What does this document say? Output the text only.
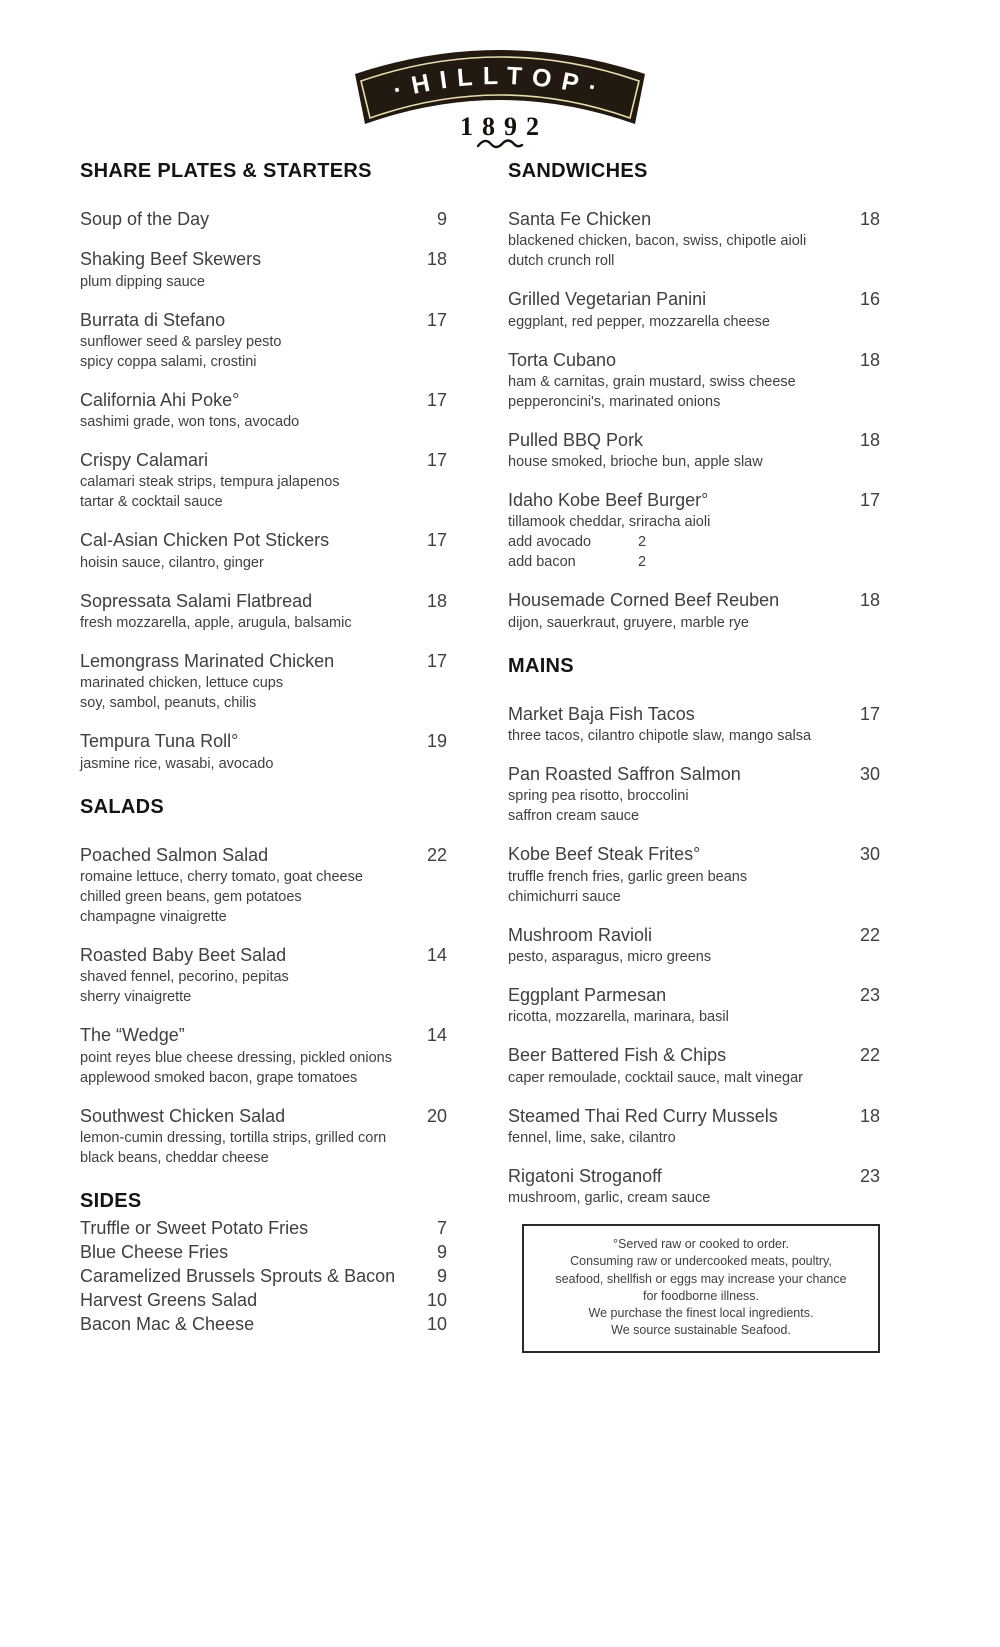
·HILLTOP·
1892
SHARE PLATES & STARTERS
Soup of the Day	9
Shaking Beef Skewers	18
plum dipping sauce
Burrata di Stefano	17
sunflower seed & parsley pesto
spicy coppa salami, crostini
California Ahi Poke°	17
sashimi grade, won tons, avocado
Crispy Calamari	17
calamari steak strips, tempura jalapenos
tartar & cocktail sauce
Cal-Asian Chicken Pot Stickers	17
hoisin sauce, cilantro, ginger
Sopressata Salami Flatbread	18
fresh mozzarella, apple, arugula, balsamic
Lemongrass Marinated Chicken	17
marinated chicken, lettuce cups
soy, sambol, peanuts, chilis
Tempura Tuna Roll°	19
jasmine rice, wasabi, avocado
SALADS
Poached Salmon Salad	22
romaine lettuce, cherry tomato, goat cheese
chilled green beans, gem potatoes
champagne vinaigrette
Roasted Baby Beet Salad	14
shaved fennel, pecorino, pepitas
sherry vinaigrette
The “Wedge”	14
point reyes blue cheese dressing, pickled onions
applewood smoked bacon, grape tomatoes
Southwest Chicken Salad	20
lemon-cumin dressing, tortilla strips, grilled corn
black beans, cheddar cheese
SIDES
Truffle or Sweet Potato Fries	7
Blue Cheese Fries	9
Caramelized Brussels Sprouts & Bacon 9
Harvest Greens Salad	10
Bacon Mac & Cheese	10
SANDWICHES
Santa Fe Chicken	18
blackened chicken, bacon, swiss, chipotle aioli
dutch crunch roll
Grilled Vegetarian Panini	16
eggplant, red pepper, mozzarella cheese
Torta Cubano	18
ham & carnitas, grain mustard, swiss cheese
pepperoncini's, marinated onions
Pulled BBQ Pork	18
house smoked, brioche bun, apple slaw
Idaho Kobe Beef Burger°	17
tillamook cheddar, sriracha aioli
add avocado	2
add bacon	2
Housemade Corned Beef Reuben	18
dijon, sauerkraut, gruyere, marble rye
MAINS
Market Baja Fish Tacos	17
three tacos, cilantro chipotle slaw, mango salsa
Pan Roasted Saffron Salmon	30
spring pea risotto, broccolini
saffron cream sauce
Kobe Beef Steak Frites°	30
truffle french fries, garlic green beans
chimichurri sauce
Mushroom Ravioli	22
pesto, asparagus, micro greens
Eggplant Parmesan	23
ricotta, mozzarella, marinara, basil
Beer Battered Fish & Chips	22
caper remoulade, cocktail sauce, malt vinegar
Steamed Thai Red Curry Mussels	18
fennel, lime, sake, cilantro
Rigatoni Stroganoff	23
mushroom, garlic, cream sauce
°Served raw or cooked to order.
Consuming raw or undercooked meats, poultry,
seafood, shellfish or eggs may increase your chance
for foodborne illness.
We purchase the finest local ingredients.
We source sustainable Seafood.
